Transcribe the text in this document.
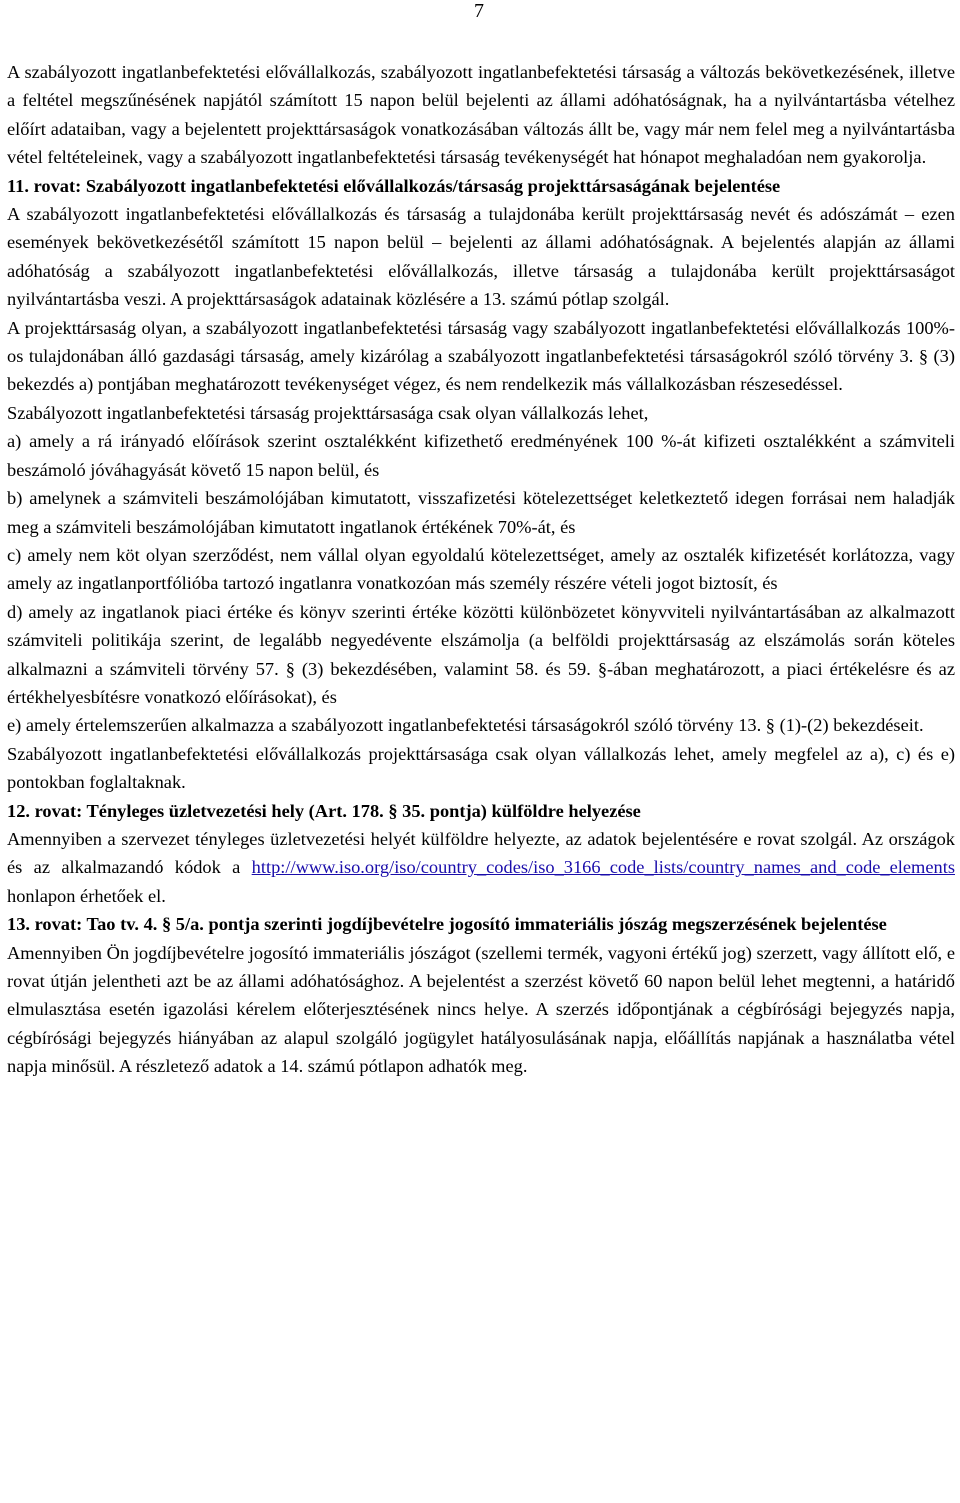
7

A szabályozott ingatlanbefektetési elővállalkozás, szabályozott ingatlanbefektetési társaság a változás bekövetkezésének, illetve a feltétel megszűnésének napjától számított 15 napon belül bejelenti az állami adóhatóságnak, ha a nyilvántartásba vételhez előírt adataiban, vagy a bejelentett projekttársaságok vonatkozásában változás állt be, vagy már nem felel meg a nyilvántartásba vétel feltételeinek, vagy a szabályozott ingatlanbefektetési társaság tevékenységét hat hónapot meghaladóan nem gyakorolja.

11. rovat: Szabályozott ingatlanbefektetési elővállalkozás/társaság projekttársaságának bejelentése

A szabályozott ingatlanbefektetési elővállalkozás és társaság a tulajdonába került projekttársaság nevét és adószámát – ezen események bekövetkezésétől számított 15 napon belül – bejelenti az állami adóhatóságnak. A bejelentés alapján az állami adóhatóság a szabályozott ingatlanbefektetési elővállalkozás, illetve társaság a tulajdonába került projekttársaságot nyilvántartásba veszi. A projekttársaságok adatainak közlésére a 13. számú pótlap szolgál.

A projekttársaság olyan, a szabályozott ingatlanbefektetési társaság vagy szabályozott ingatlanbefektetési elővállalkozás 100%-os tulajdonában álló gazdasági társaság, amely kizárólag a szabályozott ingatlanbefektetési társaságokról szóló törvény 3. § (3) bekezdés a) pontjában meghatározott tevékenységet végez, és nem rendelkezik más vállalkozásban részesedéssel.

Szabályozott ingatlanbefektetési társaság projekttársasága csak olyan vállalkozás lehet,

a) amely a rá irányadó előírások szerint osztalékként kifizethető eredményének 100 %-át kifizeti osztalékként a számviteli beszámoló jóváhagyását követő 15 napon belül, és

b) amelynek a számviteli beszámolójában kimutatott, visszafizetési kötelezettséget keletkeztető idegen forrásai nem haladják meg a számviteli beszámolójában kimutatott ingatlanok értékének 70%-át, és

c) amely nem köt olyan szerződést, nem vállal olyan egyoldalú kötelezettséget, amely az osztalék kifizetését korlátozza, vagy amely az ingatlanportfólióba tartozó ingatlanra vonatkozóan más személy részére vételi jogot biztosít, és

d) amely az ingatlanok piaci értéke és könyv szerinti értéke közötti különbözetet könyvviteli nyilvántartásában az alkalmazott számviteli politikája szerint, de legalább negyedévente elszámolja (a belföldi projekttársaság az elszámolás során köteles alkalmazni a számviteli törvény 57. § (3) bekezdésében, valamint 58. és 59. §-ában meghatározott, a piaci értékelésre és az értékhelyesbítésre vonatkozó előírásokat), és

e) amely értelemszerűen alkalmazza a szabályozott ingatlanbefektetési társaságokról szóló törvény 13. § (1)-(2) bekezdéseit.

Szabályozott ingatlanbefektetési elővállalkozás projekttársasága csak olyan vállalkozás lehet, amely megfelel az a), c) és e) pontokban foglaltaknak.

12. rovat: Tényleges üzletvezetési hely (Art. 178. § 35. pontja) külföldre helyezése

Amennyiben a szervezet tényleges üzletvezetési helyét külföldre helyezte, az adatok bejelentésére e rovat szolgál. Az országok és az alkalmazandó kódok a http://www.iso.org/iso/country_codes/iso_3166_code_lists/country_names_and_code_elements honlapon érhetőek el.

13. rovat: Tao tv. 4. § 5/a. pontja szerinti jogdíjbevételre jogosító immateriális jószág megszerzésének bejelentése

Amennyiben Ön jogdíjbevételre jogosító immateriális jószágot (szellemi termék, vagyoni értékű jog) szerzett, vagy állított elő, e rovat útján jelentheti azt be az állami adóhatósághoz. A bejelentést a szerzést követő 60 napon belül lehet megtenni, a határidő elmulasztása esetén igazolási kérelem előterjesztésének nincs helye. A szerzés időpontjának a cégbírósági bejegyzés napja, cégbírósági bejegyzés hiányában az alapul szolgáló jogügylet hatályosulásának napja, előállítás napjának a használatba vétel napja minősül. A részletező adatok a 14. számú pótlapon adhatók meg.
